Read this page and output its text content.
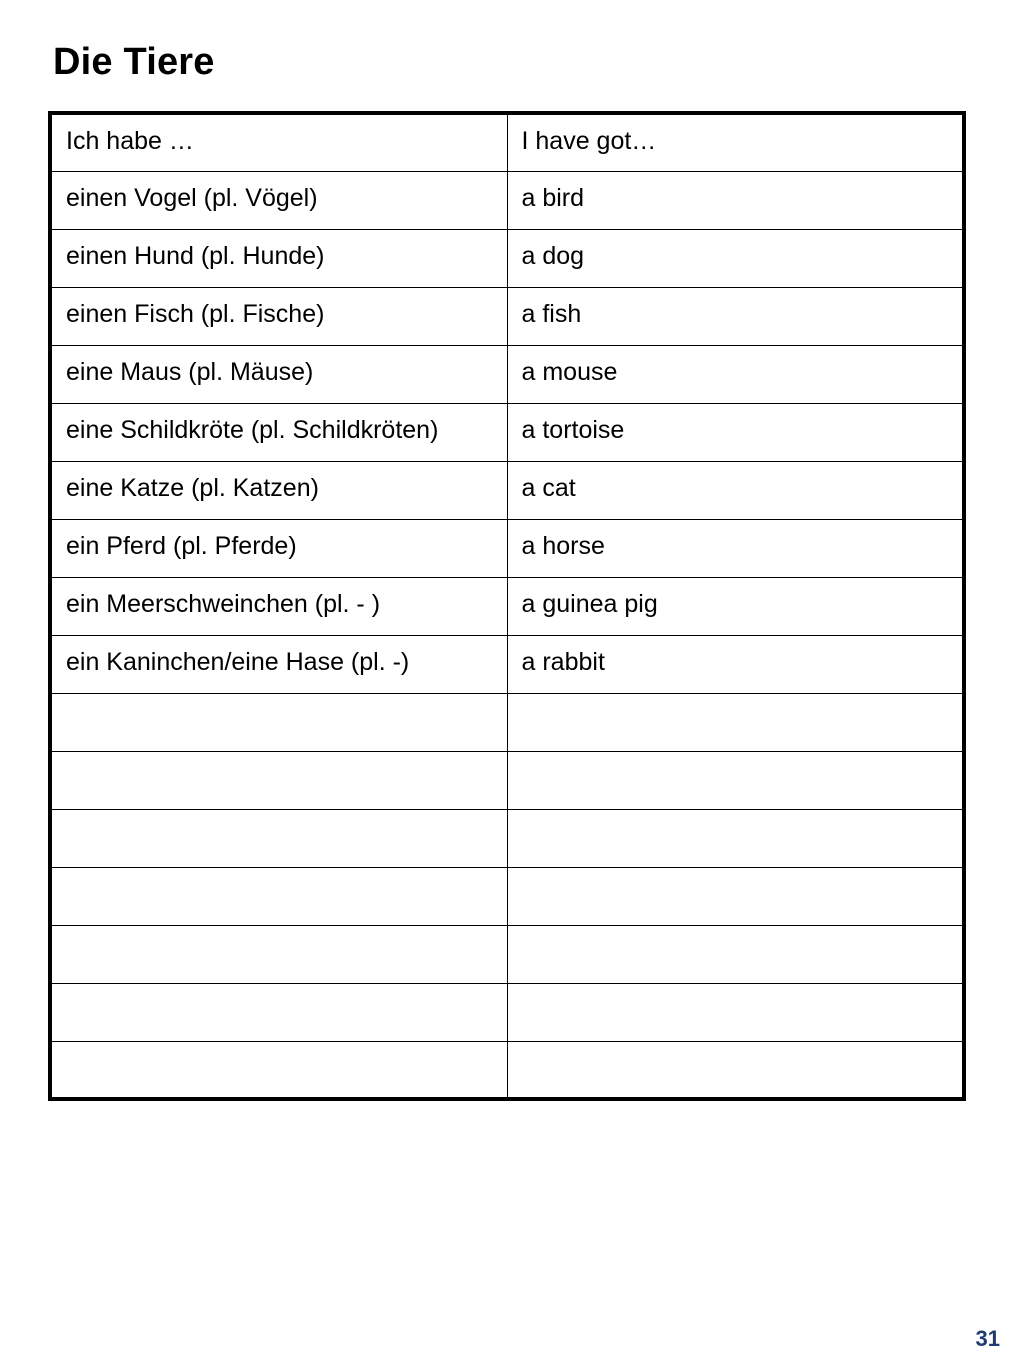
Die Tiere
Ich habe …	I have got…
einen Vogel (pl. Vögel)	a bird
einen Hund (pl. Hunde)	a dog
einen Fisch (pl. Fische)	a fish
eine Maus (pl. Mäuse)	a mouse
eine Schildkröte (pl. Schildkröten)	a tortoise
eine Katze (pl. Katzen)	a cat
ein Pferd (pl. Pferde)	a horse
ein Meerschweinchen (pl. - )	a guinea pig
ein Kaninchen/eine Hase (pl. -)	a rabbit

31
